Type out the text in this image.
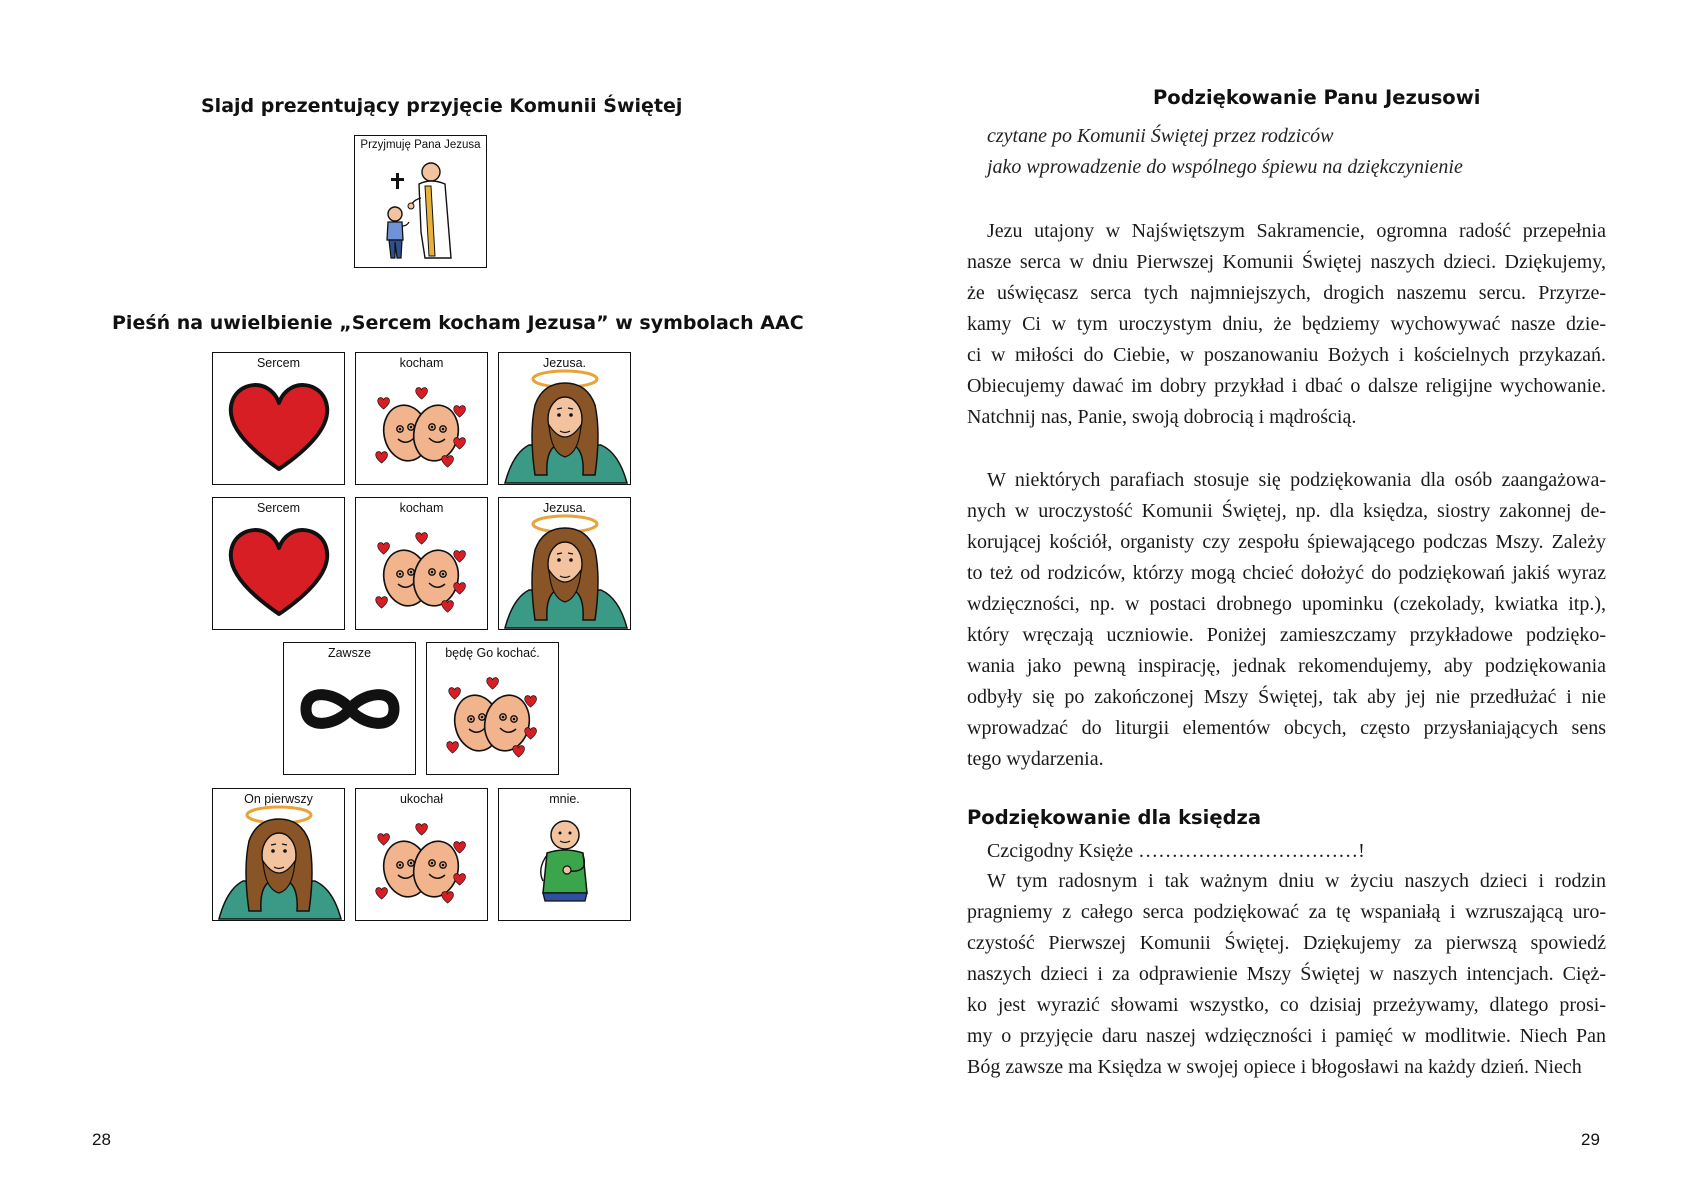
Slajd prezentujący przyjęcie Komunii Świętej
Przyjmuję Pana Jezusa
Pieśń na uwielbienie „Sercem kocham Jezusa” w symbolach AAC
Sercem	kocham	Jezusa.
Sercem	kocham	Jezusa.
Zawsze	będę Go kochać.
On pierwszy	ukochał	mnie.
28
Podziękowanie Panu Jezusowi
czytane po Komunii Świętej przez rodziców
jako wprowadzenie do wspólnego śpiewu na dziękczynienie
Jezu utajony w Najświętszym Sakramencie, ogromna radość przepełnia
nasze serca w dniu Pierwszej Komunii Świętej naszych dzieci. Dziękujemy,
że uświęcasz serca tych najmniejszych, drogich naszemu sercu. Przyrze-
kamy Ci w tym uroczystym dniu, że będziemy wychowywać nasze dzie-
ci w miłości do Ciebie, w poszanowaniu Bożych i kościelnych przykazań.
Obiecujemy dawać im dobry przykład i dbać o dalsze religijne wychowanie.
Natchnij nas, Panie, swoją dobrocią i mądrością.
W niektórych parafiach stosuje się podziękowania dla osób zaangażowa-
nych w uroczystość Komunii Świętej, np. dla księdza, siostry zakonnej de-
korującej kościół, organisty czy zespołu śpiewającego podczas Mszy. Zależy
to też od rodziców, którzy mogą chcieć dołożyć do podziękowań jakiś wyraz
wdzięczności, np. w postaci drobnego upominku (czekolady, kwiatka itp.),
który wręczają uczniowie. Poniżej zamieszczamy przykładowe podzięko-
wania jako pewną inspirację, jednak rekomendujemy, aby podziękowania
odbyły się po zakończonej Mszy Świętej, tak aby jej nie przedłużać i nie
wprowadzać do liturgii elementów obcych, często przysłaniających sens
tego wydarzenia.
Podziękowanie dla księdza
Czcigodny Księże ……………………………!
W tym radosnym i tak ważnym dniu w życiu naszych dzieci i rodzin
pragniemy z całego serca podziękować za tę wspaniałą i wzruszającą uro-
czystość Pierwszej Komunii Świętej. Dziękujemy za pierwszą spowiedź
naszych dzieci i za odprawienie Mszy Świętej w naszych intencjach. Cięż-
ko jest wyrazić słowami wszystko, co dzisiaj przeżywamy, dlatego prosi-
my o przyjęcie daru naszej wdzięczności i pamięć w modlitwie. Niech Pan
Bóg zawsze ma Księdza w swojej opiece i błogosławi na każdy dzień. Niech
29
